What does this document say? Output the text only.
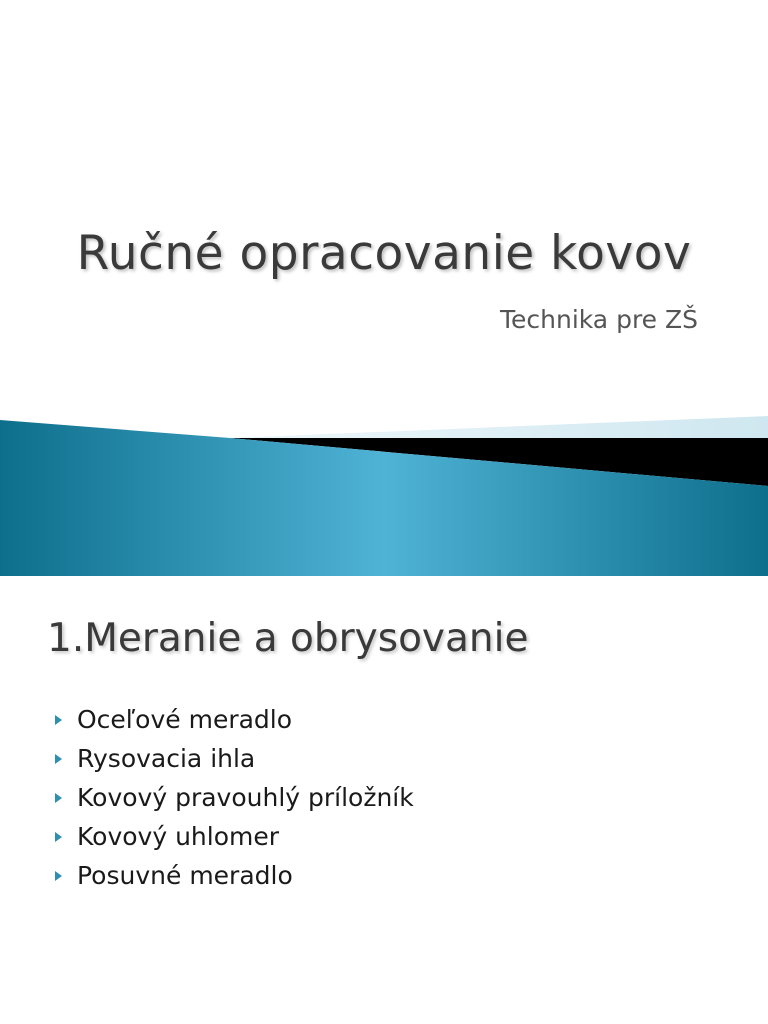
Ručné opracovanie kovov
Technika pre ZŠ
1.Meranie a obrysovanie
Oceľové meradlo
Rysovacia ihla
Kovový pravouhlý príložník
Kovový uhlomer
Posuvné meradlo
